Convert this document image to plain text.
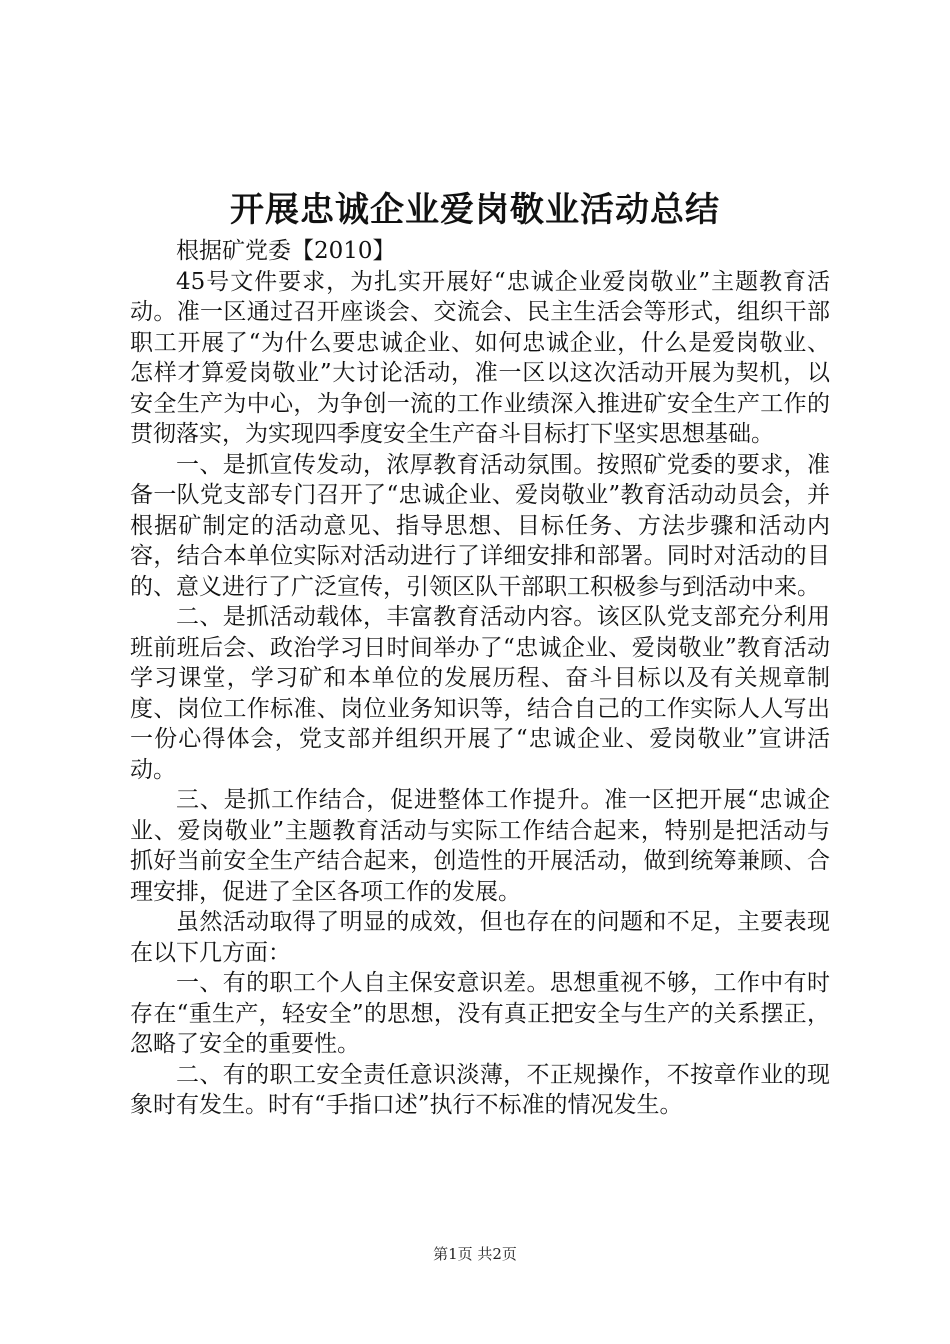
开展忠诚企业爱岗敬业活动总结

根据矿党委【2010】

45号文件要求，为扎实开展好“忠诚企业爱岗敬业”主题教育活动。准一区通过召开座谈会、交流会、民主生活会等形式，组织干部职工开展了“为什么要忠诚企业、如何忠诚企业，什么是爱岗敬业、怎样才算爱岗敬业”大讨论活动，准一区以这次活动开展为契机，以安全生产为中心，为争创一流的工作业绩深入推进矿安全生产工作的贯彻落实，为实现四季度安全生产奋斗目标打下坚实思想基础。

一、是抓宣传发动，浓厚教育活动氛围。按照矿党委的要求，准备一队党支部专门召开了“忠诚企业、爱岗敬业”教育活动动员会，并根据矿制定的活动意见、指导思想、目标任务、方法步骤和活动内容，结合本单位实际对活动进行了详细安排和部署。同时对活动的目的、意义进行了广泛宣传，引领区队干部职工积极参与到活动中来。

二、是抓活动载体，丰富教育活动内容。该区队党支部充分利用班前班后会、政治学习日时间举办了“忠诚企业、爱岗敬业”教育活动学习课堂，学习矿和本单位的发展历程、奋斗目标以及有关规章制度、岗位工作标准、岗位业务知识等，结合自己的工作实际人人写出一份心得体会，党支部并组织开展了“忠诚企业、爱岗敬业”宣讲活动。

三、是抓工作结合，促进整体工作提升。准一区把开展“忠诚企业、爱岗敬业”主题教育活动与实际工作结合起来，特别是把活动与抓好当前安全生产结合起来，创造性的开展活动，做到统筹兼顾、合理安排，促进了全区各项工作的发展。

虽然活动取得了明显的成效，但也存在的问题和不足，主要表现在以下几方面：

一、有的职工个人自主保安意识差。思想重视不够，工作中有时存在“重生产，轻安全”的思想，没有真正把安全与生产的关系摆正，忽略了安全的重要性。

二、有的职工安全责任意识淡薄，不正规操作，不按章作业的现象时有发生。时有“手指口述”执行不标准的情况发生。

第1页 共2页
